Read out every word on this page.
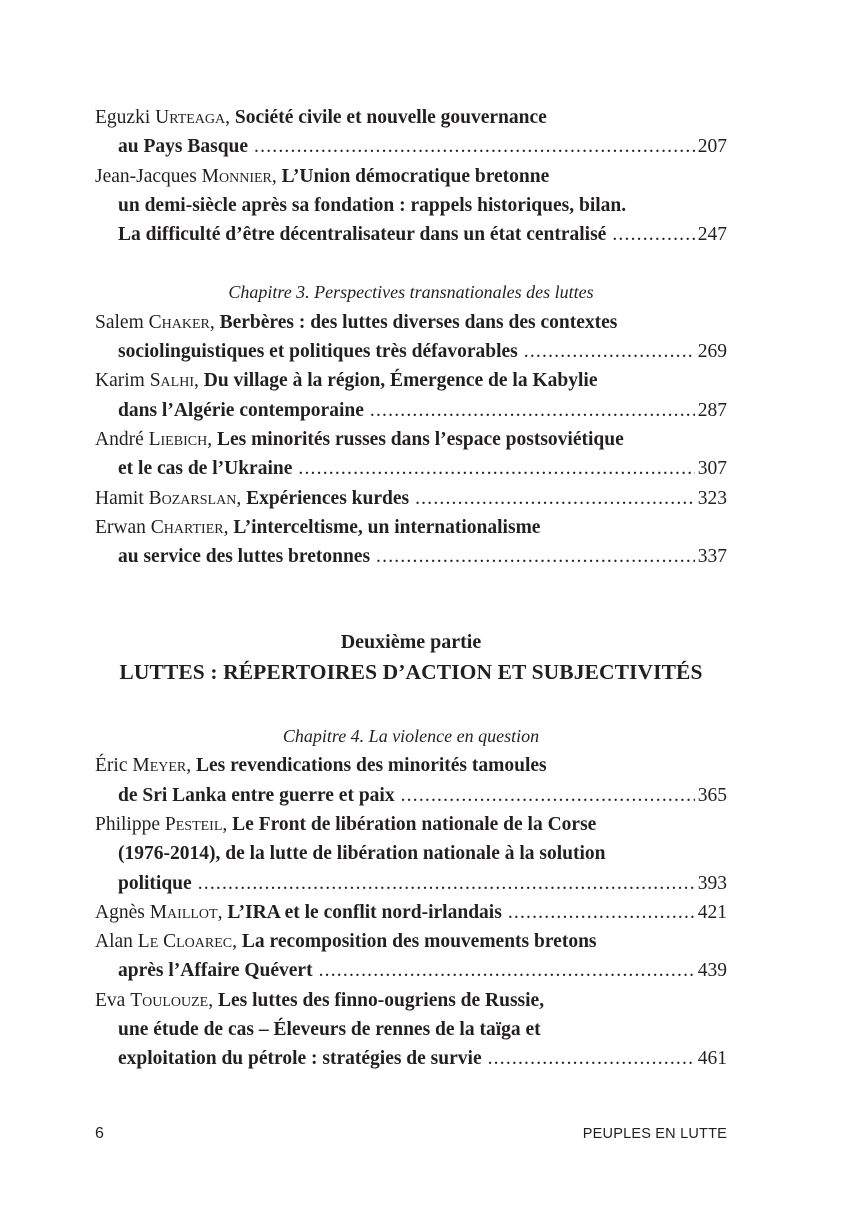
Eguzki Urteaga, Société civile et nouvelle gouvernance
au Pays Basque .....	207
Jean-Jacques Monnier, L’Union démocratique bretonne
un demi-siècle après sa fondation : rappels historiques, bilan.
La difficulté d’être décentralisateur dans un état centralisé .....	247
Chapitre 3. Perspectives transnationales des luttes
Salem Chaker, Berbères : des luttes diverses dans des contextes
sociolinguistiques et politiques très défavorables .....	269
Karim Salhi, Du village à la région, Émergence de la Kabylie
dans l’Algérie contemporaine .....	287
André Liebich, Les minorités russes dans l’espace postsoviétique
et le cas de l’Ukraine .....	307
Hamit Bozarslan, Expériences kurdes .....	323
Erwan Chartier, L’interceltisme, un internationalisme
au service des luttes bretonnes .....	337
Deuxième partie
LUTTES : RÉPERTOIRES D’ACTION ET SUBJECTIVITÉS
Chapitre 4. La violence en question
Éric Meyer, Les revendications des minorités tamoules
de Sri Lanka entre guerre et paix .....	365
Philippe Pesteil, Le Front de libération nationale de la Corse
(1976-2014), de la lutte de libération nationale à la solution
politique .....	393
Agnès Maillot, L’IRA et le conflit nord-irlandais .....	421
Alan Le Cloarec, La recomposition des mouvements bretons
après l’Affaire Quévert .....	439
Eva Toulouze, Les luttes des finno-ougriens de Russie,
une étude de cas – Éleveurs de rennes de la taïga et
exploitation du pétrole : stratégies de survie .....	461
6	PEUPLES EN LUTTE
